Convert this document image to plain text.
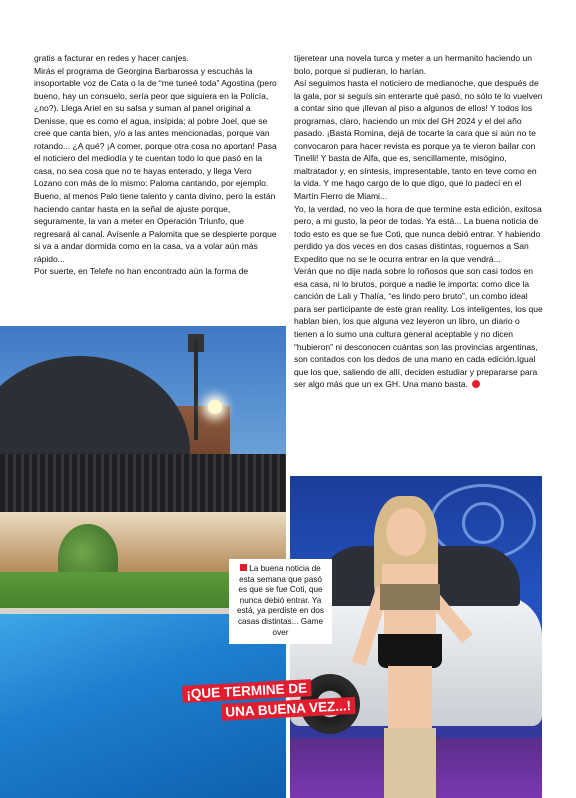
gratis a facturar en redes y hacer canjes.

Mirás el programa de Georgina Barbarossa y escuchás la insoportable voz de Cata o la de “me tuneé toda” Agostina (pero bueno, hay un consuelo, sería peor que siguiera en la Policía, ¿no?). Llega Ariel en su salsa y suman al panel original a Denisse, que es como el agua, insípida; al pobre Joel, que se cree que canta bien, y/o a las antes mencionadas, porque van rotando... ¿A qué? ¡A comer, porque otra cosa no aportan! Pasa el noticiero del mediodía y te cuentan todo lo que pasó en la casa, no sea cosa que no te hayas enterado, y llega Vero Lozano con más de lo mismo: Paloma cantando, por ejemplo. Bueno, al menos Palo tiene talento y canta divino, pero la están haciendo cantar hasta en la señal de ajuste porque, seguramente, la van a meter en Operación Triunfo, que regresará al canal. Avísenle a Palomita que se despierte porque si va a andar dormida como en la casa, va a volar aún más rápido...

Por suerte, en Telefe no han encontrado aún la forma de

tijeretear una novela turca y meter a un hermanito haciendo un bolo, porque si pudieran, lo harían.

Así seguimos hasta el noticiero de medianoche, que después de la gala, por si seguís sin enterarte qué pasó, no sólo te lo vuelven a contar sino que ¡llevan al piso a algunos de ellos! Y todos los programas, claro, haciendo un mix del GH 2024 y el del año pasado. ¡Basta Romina, dejá de tocarte la cara que si aún no te convocaron para hacer revista es porque ya te vieron bailar con Tinelli! Y basta de Alfa, que es, sencillamente, misógino, maltratador y, en síntesis, impresentable, tanto en teve como en la vida. Y me hago cargo de lo que digo, que lo padecí en el Martín Fierro de Miami...

Yo, la verdad, no veo la hora de que termine esta edición, exitosa pero, a mi gusto, la peor de todas. Ya está... La buena noticia de todo esto es que se fue Coti, que nunca debió entrar. Y habiendo perdido ya dos veces en dos casas distintas, roguemos a San Expedito que no se le ocurra entrar en la que vendrá...

Verán que no dije nada sobre lo roñosos que son casi todos en esa casa, ni lo brutos, porque a nadie le importa: como dice la canción de Lali y Thalía, “es lindo pero bruto”, un combo ideal para ser participante de este gran reality. Los inteligentes, los que hablan bien, los que alguna vez leyeron un libro, un diario o tienen a lo sumo una cultura general aceptable y no dicen “hubieron” ni desconocen cuántas son las provincias argentinas, son contados con los dedos de una mano en cada edición.Igual que los que, saliendo de allí, deciden estudiar y prepararse para ser algo más que un ex GH. Una mano basta.

La buena noticia de esta semana que pasó es que se fue Coti, que nunca debió entrar. Ya está, ya perdiste en dos casas distintas... Game over
¡QUE TERMINE DE
UNA BUENA VEZ...!
